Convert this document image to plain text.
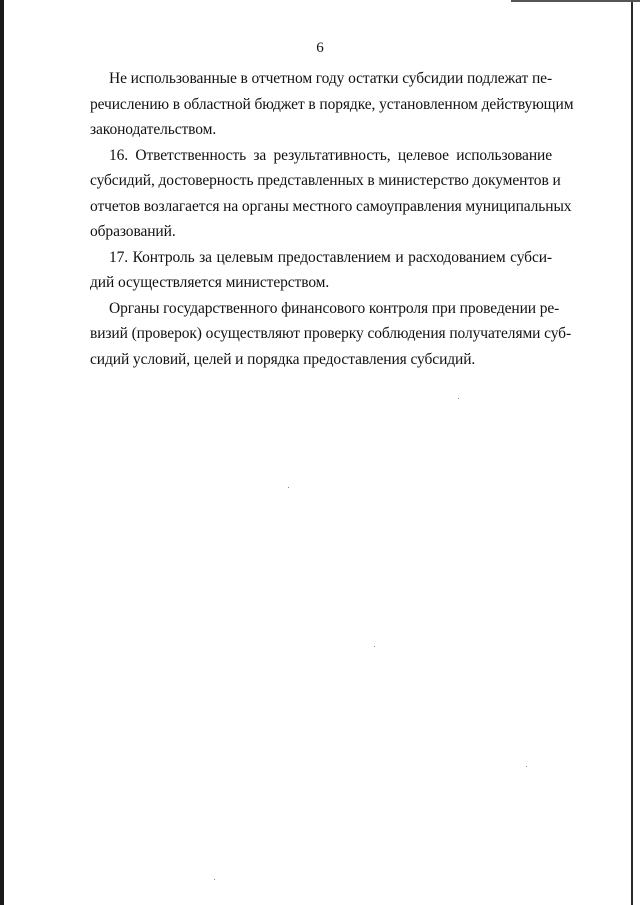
6

Не использованные в отчетном году остатки субсидии подлежат пе-
речислению в областной бюджет в порядке, установленном действующим
законодательством.

16. Ответственность за результативность, целевое использование
субсидий, достоверность представленных в министерство документов и
отчетов возлагается на органы местного самоуправления муниципальных
образований.

17. Контроль за целевым предоставлением и расходованием субси-
дий осуществляется министерством.

Органы государственного финансового контроля при проведении ре-
визий (проверок) осуществляют проверку соблюдения получателями суб-
сидий условий, целей и порядка предоставления субсидий.
